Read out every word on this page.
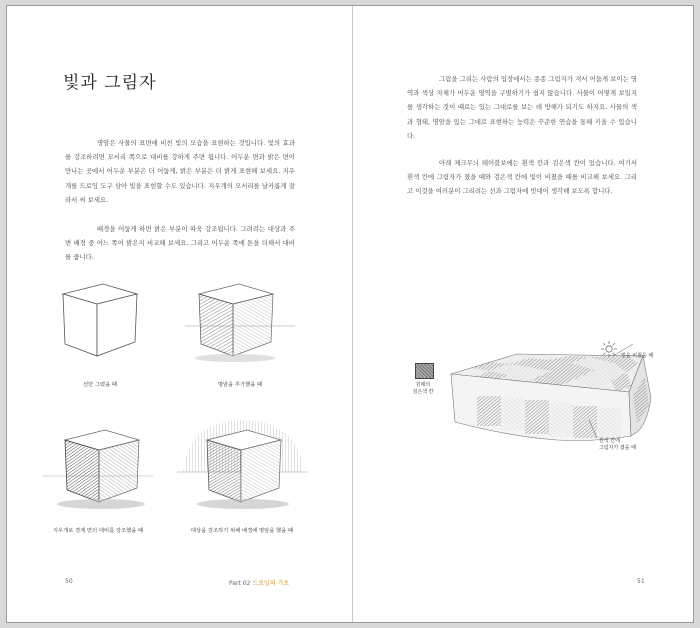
빛과 그림자

명암은 사물의 표면에 비친 빛의 모습을 표현하는 것입니다. 빛의 효과를 강조하려면 모서리 쪽으로 대비를 강하게 주면 됩니다. 어두운 면과 밝은 면이 만나는 곳에서 어두운 부분은 더 어둡게, 밝은 부분은 더 밝게 표현해 보세요. 지우개를 드로잉 도구 삼아 빛을 표현할 수도 있습니다. 지우개의 모서리를 날카롭게 잘라서 써 보세요.

배경을 어둡게 하면 밝은 부분이 따욱 강조됩니다. 그려려는 대상과 주변 배경 중 어느 쪽이 밝은지 비교해 보세요. 그리고 어두운 쪽에 톤을 더해서 대비를 줍니다.

선만 그렸을 때	명암을 추가했을 때
지우개로 경계 면의 대비를 강조했을 때	대상을 강조하기 위해 배경에 명암을 했을 때
50	Part 02 드로잉의 기초

그림을 그리는 사람의 입장에서는 종종 그림자가 져서 어둡게 보이는 영역과 색상 자체가 어두운 영역을 구별하기가 쉽지 않습니다. 사물이 어떻게 보일지를 생각하는 것이 때로는 있는 그대로를 보는 데 방해가 되기도 하지요. 사물의 색과 형태, 명암을 있는 그대로 표현하는 능력은 꾸준한 연습을 통해 키울 수 있습니다.

아래 체크무늬 테이블보에는 흰색 칸과 검은색 칸이 있습니다. 여기서 흰색 칸에 그림자가 졌을 때와 검은색 칸에 빛이 비쳤을 때를 비교해 보세요. 그리고 이것을 여러분이 그리려는 선과 그림자에 빗대어 생각해 보도록 합니다.

원래의
검은색 칸
빛을 비췄을 때
흰색 칸에
그림자가 졌을 때
51
